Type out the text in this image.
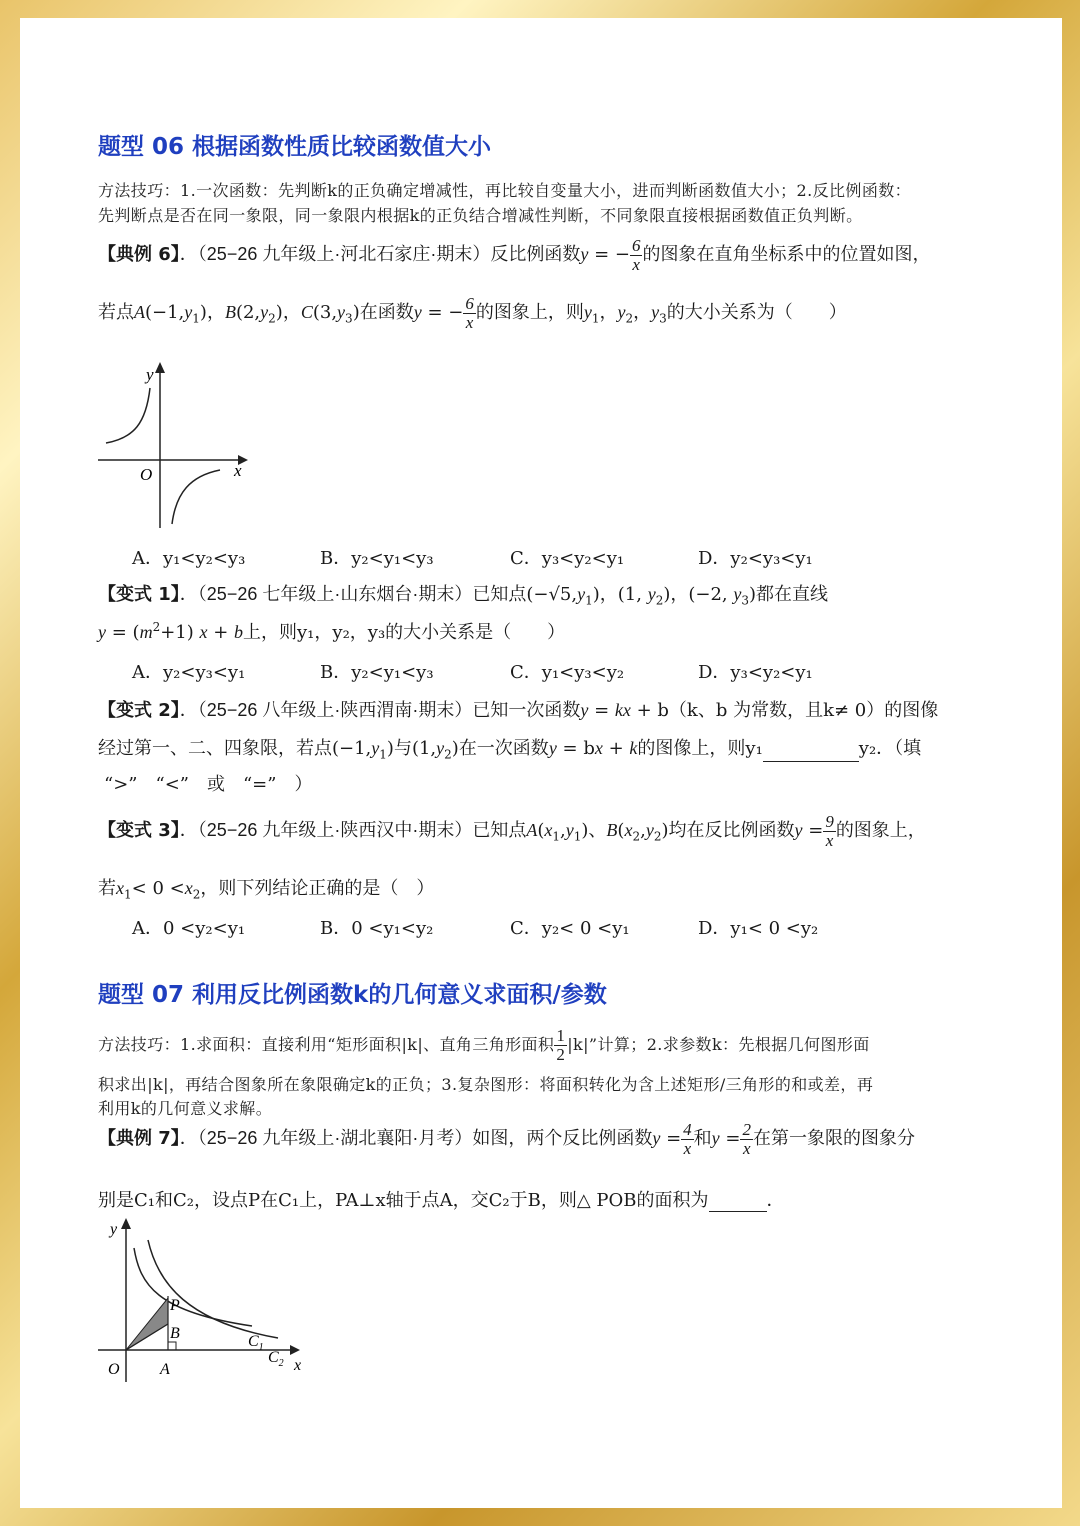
题型 06 根据函数性质比较函数值大小
方法技巧：1.一次函数：先判断k的正负确定增减性，再比较自变量大小，进而判断函数值大小；2.反比例函数：
先判断点是否在同一象限，同一象限内根据k的正负结合增减性判断，不同象限直接根据函数值正负判断。
【典例 6】．（25−26 九年级上·河北石家庄·期末）反比例函数y = − $\frac{6}{x}$ 的图象在直角坐标系中的位置如图，
若点$A(-1,y_1)$，$B(2,y_2)$，$C(3,y_3)$在函数y = − $\frac{6}{x}$ 的图象上，则$y_1$，$y_2$，$y_3$的大小关系为（　　）
y
x
O
A．y₁<y₂<y₃	B．y₂<y₁<y₃	C．y₃<y₂<y₁	D．y₂<y₃<y₁
【变式 1】．（25−26 七年级上·山东烟台·期末）已知点$(-√5,y_1)$，(1, $y_2$)，(−2, $y_3$)都在直线
$y = (m^2+1) x + b$上，则y₁，y₂，y₃的大小关系是（　　）
A．y₂<y₃<y₁	B．y₂<y₁<y₃	C．y₁<y₃<y₂	D．y₃<y₂<y₁
【变式 2】．（25−26 八年级上·陕西渭南·期末）已知一次函数y = kx + b（k、b 为常数，且k≠ 0）的图像
经过第一、二、四象限，若点$(-1,y_1)$与$(1,y_2)$在一次函数y = bx + k的图像上，则y₁	y₂．（填
“>”　“<”　或　“=”　）
【变式 3】．（25−26 九年级上·陕西汉中·期末）已知点$A(x_1,y_1)$、$B(x_2,y_2)$均在反比例函数$y = \frac{9}{x}$ 的图象上，
若$x_1< 0 <x_2$，则下列结论正确的是（　）
A．0 <y₂<y₁	B．0 <y₁<y₂	C．y₂< 0 <y₁	D．y₁< 0 <y₂
题型 07 利用反比例函数k的几何意义求面积/参数
方法技巧：1.求面积：直接利用“矩形面积|k|、直角三角形面积 $\frac{1}{2} |k|$”计算；2.求参数k：先根据几何图形面
积求出|k|，再结合图象所在象限确定k的正负；3.复杂图形：将面积转化为含上述矩形/三角形的和或差，再
利用k的几何意义求解。
【典例 7】．（25−26 九年级上·湖北襄阳·月考）如图，两个反比例函数$y = \frac{4}{x}$ 和$y = \frac{2}{x}$ 在第一象限的图象分
别是C₁和C₂，设点P在C₁上，PA⊥x轴于点A，交C₂于B，则△ POB的面积为	．
y
x
O	A
P
B	$C_1$
$C_2$
